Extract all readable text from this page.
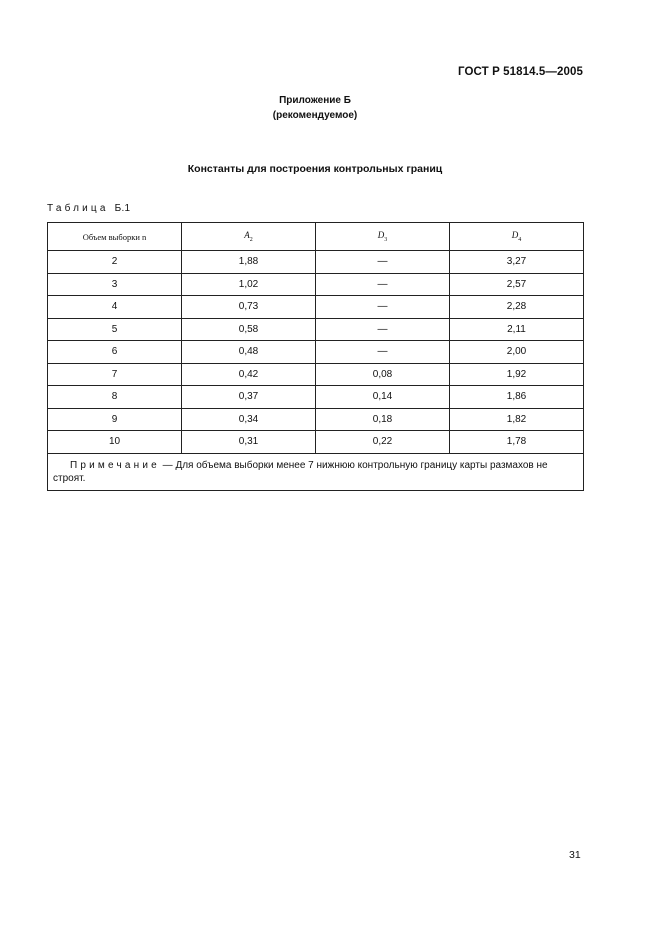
ГОСТ Р 51814.5—2005
Приложение Б
(рекомендуемое)
Константы для построения контрольных границ
Таблица Б.1
Объем выборки n	$A_2$	$D_3$	$D_4$
2	1,88	—	3,27
3	1,02	—	2,57
4	0,73	—	2,28
5	0,58	—	2,11
6	0,48	—	2,00
7	0,42	0,08	1,92
8	0,37	0,14	1,86
9	0,34	0,18	1,82
10	0,31	0,22	1,78
Примечание — Для объема выборки менее 7 нижнюю контрольную границу карты размахов не строят.			
31
